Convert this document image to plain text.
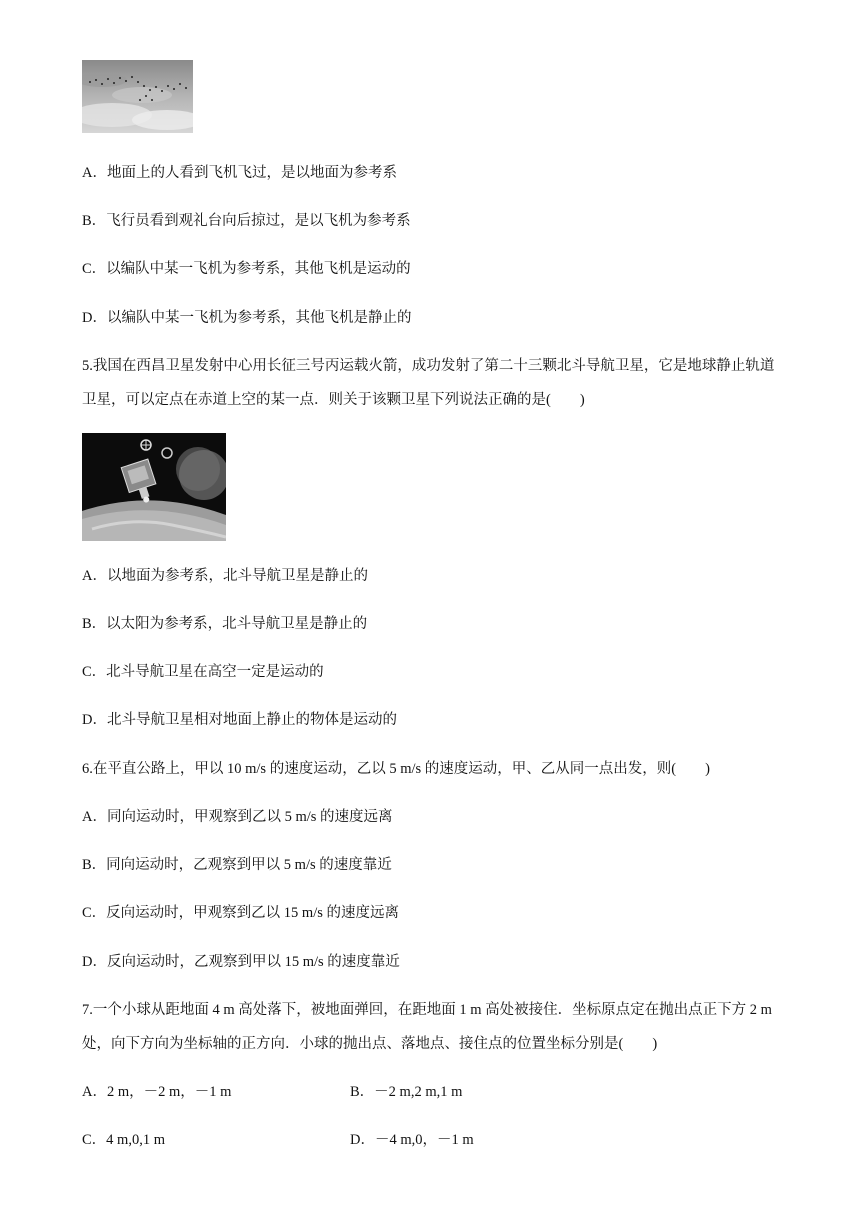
A．地面上的人看到飞机飞过，是以地面为参考系
B．飞行员看到观礼台向后掠过，是以飞机为参考系
C．以编队中某一飞机为参考系，其他飞机是运动的
D．以编队中某一飞机为参考系，其他飞机是静止的
5.我国在西昌卫星发射中心用长征三号丙运载火箭，成功发射了第二十三颗北斗导航卫星，它是地球静止轨道
卫星，可以定点在赤道上空的某一点．则关于该颗卫星下列说法正确的是(　　)
A．以地面为参考系，北斗导航卫星是静止的
B．以太阳为参考系，北斗导航卫星是静止的
C．北斗导航卫星在高空一定是运动的
D．北斗导航卫星相对地面上静止的物体是运动的
6.在平直公路上，甲以 10 m/s 的速度运动，乙以 5 m/s 的速度运动，甲、乙从同一点出发，则(　　)
A．同向运动时，甲观察到乙以 5 m/s 的速度远离
B．同向运动时，乙观察到甲以 5 m/s 的速度靠近
C．反向运动时，甲观察到乙以 15 m/s 的速度远离
D．反向运动时，乙观察到甲以 15 m/s 的速度靠近
7.一个小球从距地面 4 m 高处落下，被地面弹回，在距地面 1 m 高处被接住．坐标原点定在抛出点正下方 2 m
处，向下方向为坐标轴的正方向．小球的抛出点、落地点、接住点的位置坐标分别是(　　)
A．2 m，－2 m，－1 m	B．－2 m,2 m,1 m
C．4 m,0,1 m	D．－4 m,0，－1 m
